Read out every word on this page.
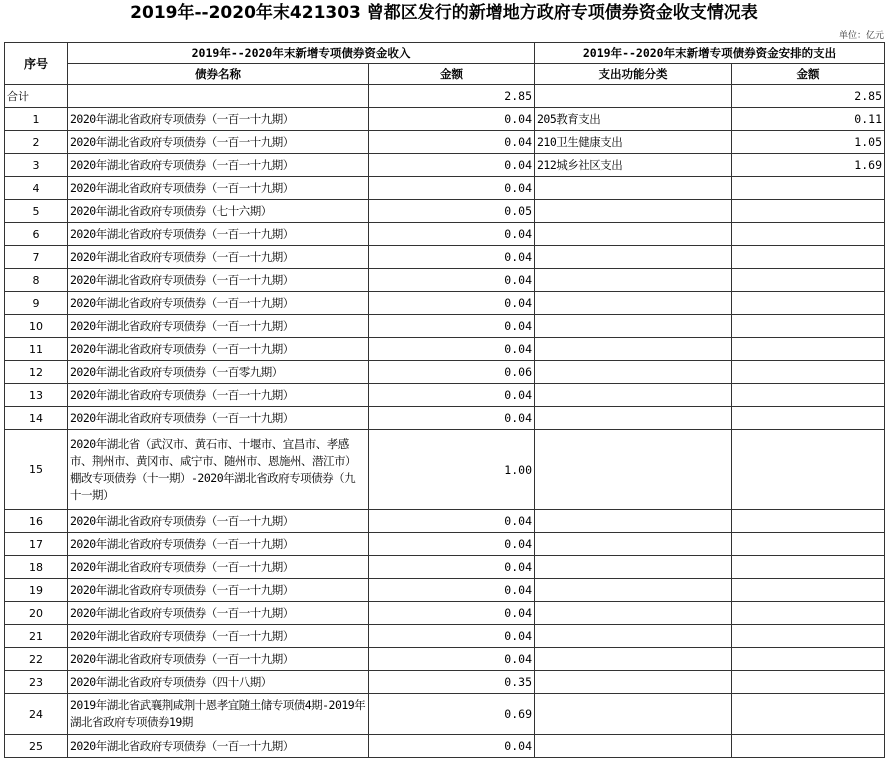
2019年--2020年末421303 曾都区发行的新增地方政府专项债券资金收支情况表
单位：亿元
序号	2019年--2020年末新增专项债券资金收入		2019年--2020年末新增专项债券资金安排的支出	
	债券名称	金额	支出功能分类	金额
合计		2.85		2.85
1	2020年湖北省政府专项债券（一百一十九期）	0.04	205教育支出	0.11
2	2020年湖北省政府专项债券（一百一十九期）	0.04	210卫生健康支出	1.05
3	2020年湖北省政府专项债券（一百一十九期）	0.04	212城乡社区支出	1.69
4	2020年湖北省政府专项债券（一百一十九期）	0.04		
5	2020年湖北省政府专项债券（七十六期）	0.05		
6	2020年湖北省政府专项债券（一百一十九期）	0.04		
7	2020年湖北省政府专项债券（一百一十九期）	0.04		
8	2020年湖北省政府专项债券（一百一十九期）	0.04		
9	2020年湖北省政府专项债券（一百一十九期）	0.04		
10	2020年湖北省政府专项债券（一百一十九期）	0.04		
11	2020年湖北省政府专项债券（一百一十九期）	0.04		
12	2020年湖北省政府专项债券（一百零九期）	0.06		
13	2020年湖北省政府专项债券（一百一十九期）	0.04		
14	2020年湖北省政府专项债券（一百一十九期）	0.04		
15	2020年湖北省（武汉市、黄石市、十堰市、宜昌市、孝感市、荆州市、黄冈市、咸宁市、随州市、恩施州、潜江市）棚改专项债券（十一期）-2020年湖北省政府专项债券（九十一期）	1.00		
16	2020年湖北省政府专项债券（一百一十九期）	0.04		
17	2020年湖北省政府专项债券（一百一十九期）	0.04		
18	2020年湖北省政府专项债券（一百一十九期）	0.04		
19	2020年湖北省政府专项债券（一百一十九期）	0.04		
20	2020年湖北省政府专项债券（一百一十九期）	0.04		
21	2020年湖北省政府专项债券（一百一十九期）	0.04		
22	2020年湖北省政府专项债券（一百一十九期）	0.04		
23	2020年湖北省政府专项债券（四十八期）	0.35		
24	2019年湖北省武襄荆咸荆十恩孝宜随土储专项债4期-2019年湖北省政府专项债券19期	0.69		
25	2020年湖北省政府专项债券（一百一十九期）	0.04		
